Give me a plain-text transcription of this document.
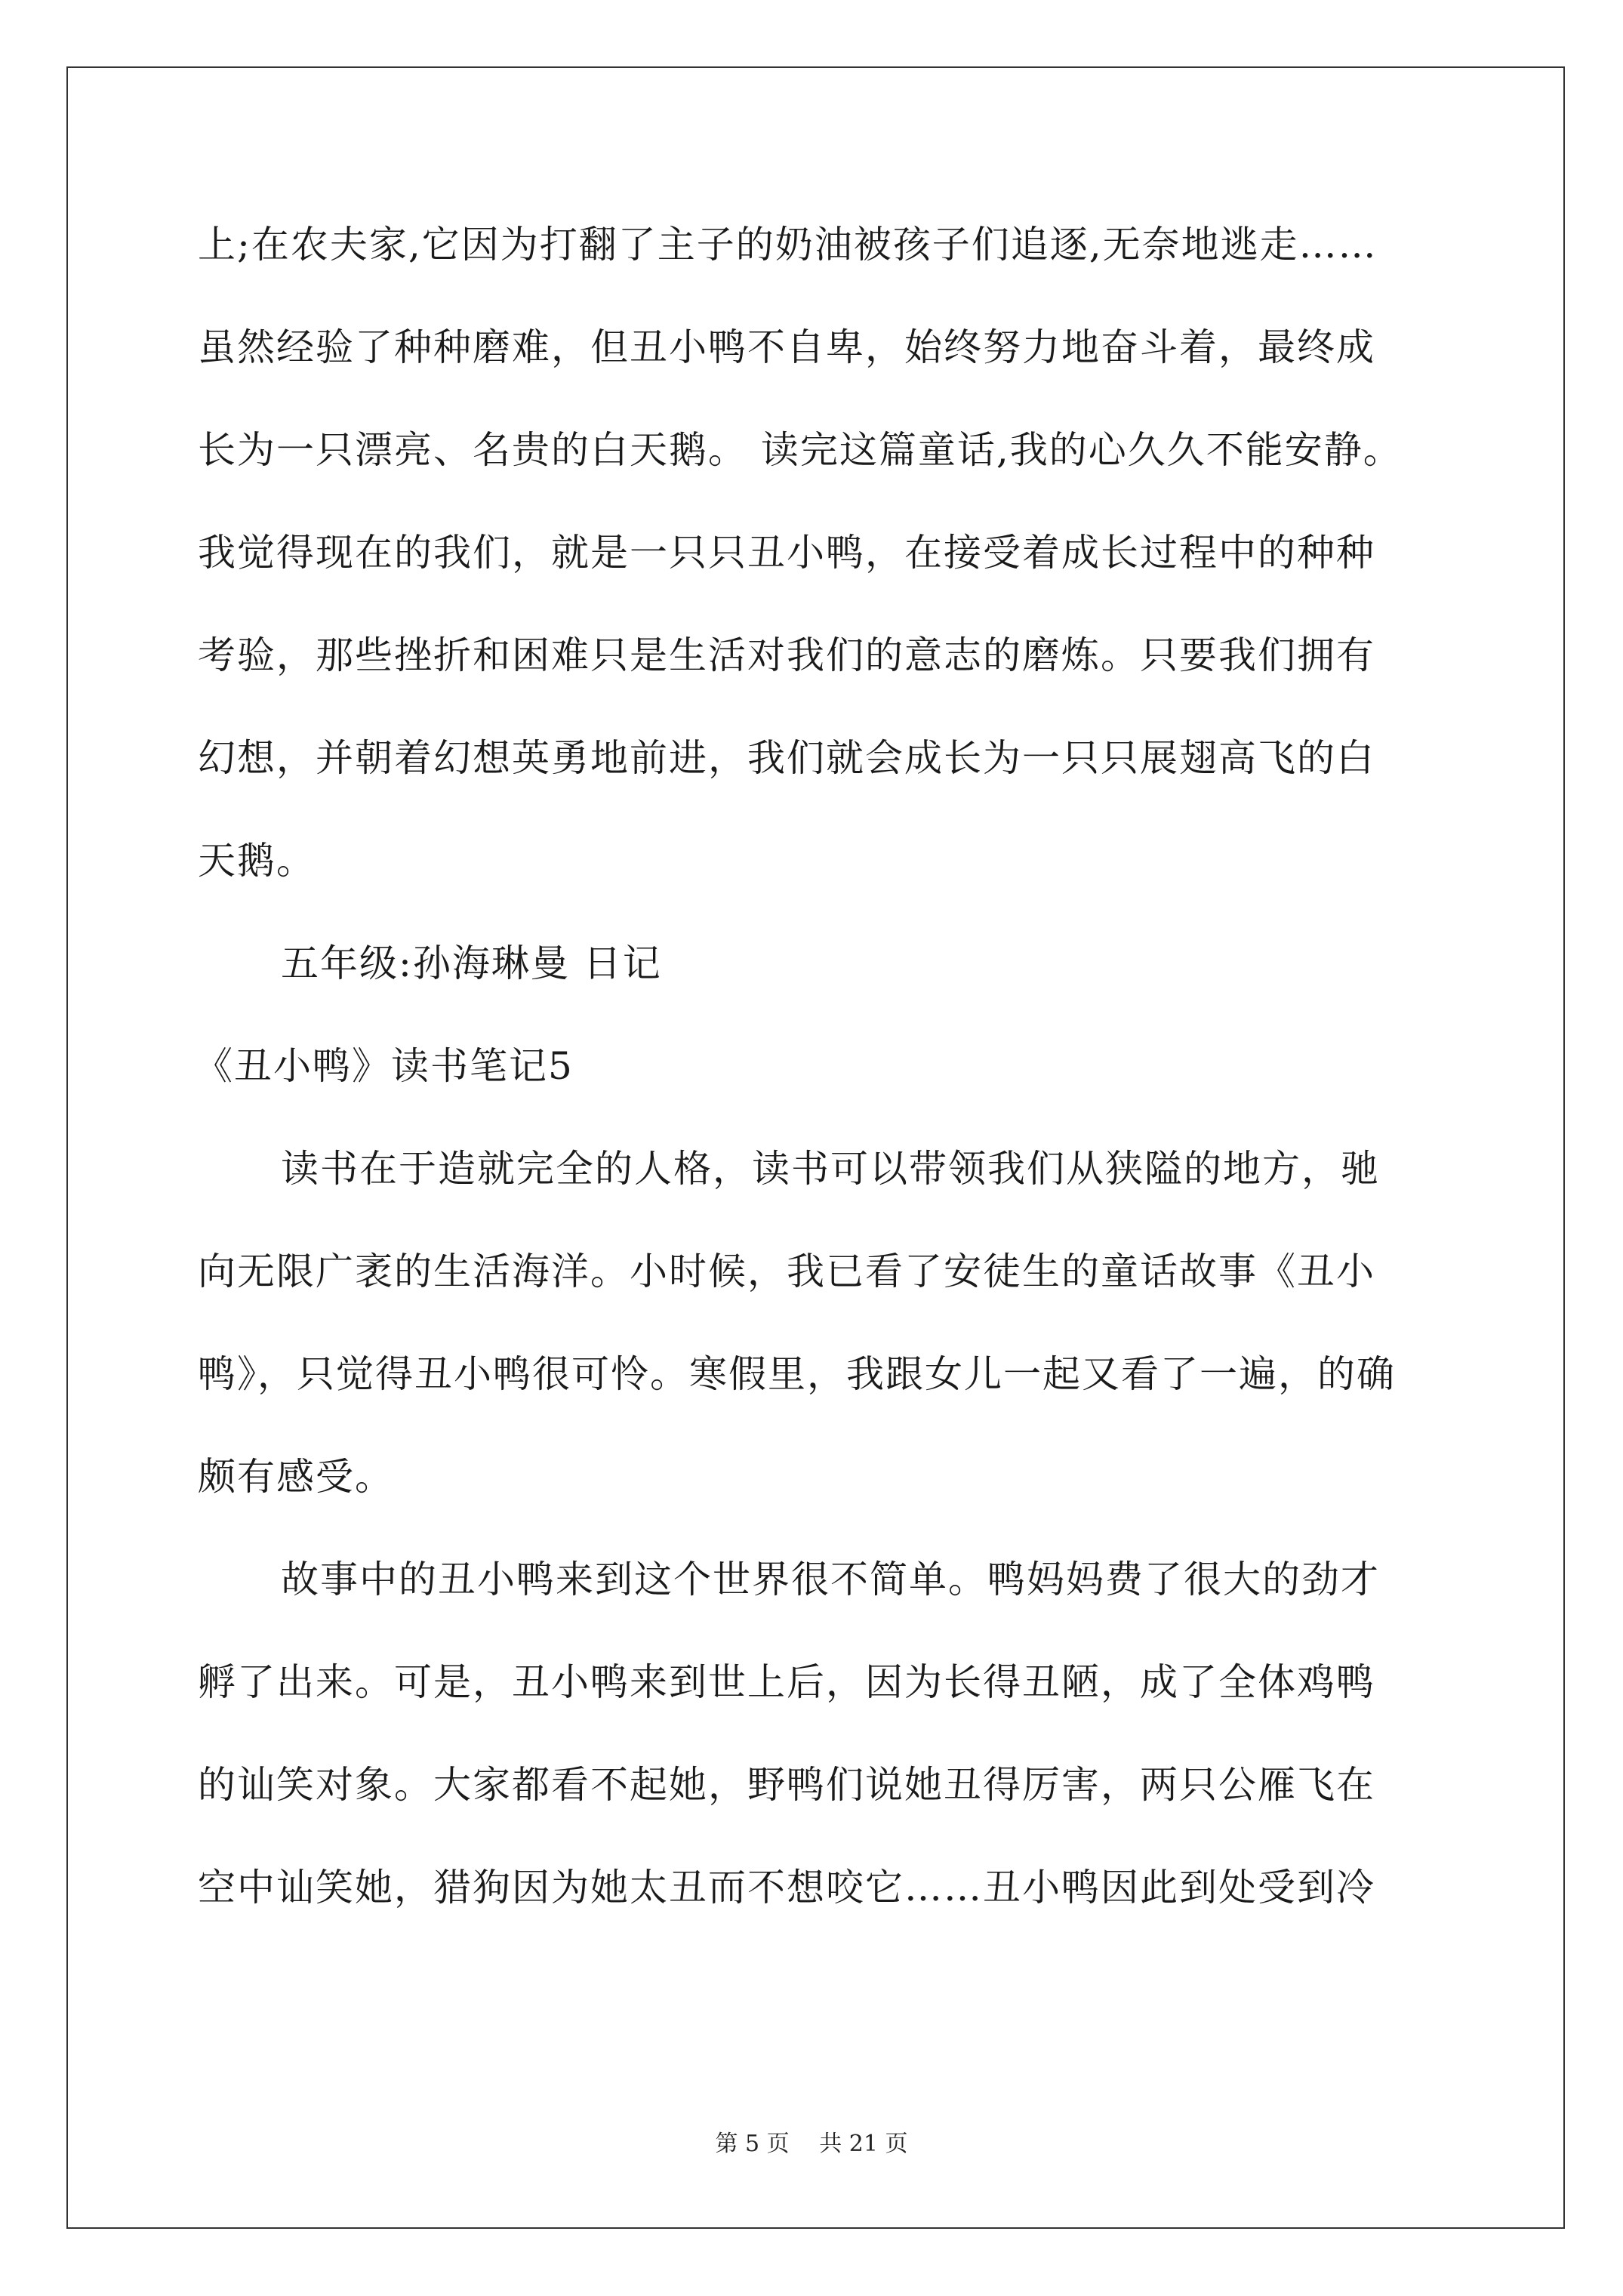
上;在农夫家,它因为打翻了主子的奶油被孩子们追逐,无奈地逃走……
虽然经验了种种磨难，但丑小鸭不自卑，始终努力地奋斗着，最终成
长为一只漂亮、名贵的白天鹅。 读完这篇童话,我的心久久不能安静。
我觉得现在的我们，就是一只只丑小鸭，在接受着成长过程中的种种
考验，那些挫折和困难只是生活对我们的意志的磨炼。只要我们拥有
幻想，并朝着幻想英勇地前进，我们就会成长为一只只展翅高飞的白
天鹅。
五年级:孙海琳曼 日记
《丑小鸭》读书笔记5
读书在于造就完全的人格，读书可以带领我们从狭隘的地方，驰
向无限广袤的生活海洋。小时候，我已看了安徒生的童话故事《丑小
鸭》，只觉得丑小鸭很可怜。寒假里，我跟女儿一起又看了一遍，的确
颇有感受。
故事中的丑小鸭来到这个世界很不简单。鸭妈妈费了很大的劲才
孵了出来。可是，丑小鸭来到世上后，因为长得丑陋，成了全体鸡鸭
的讪笑对象。大家都看不起她，野鸭们说她丑得厉害，两只公雁飞在
空中讪笑她，猎狗因为她太丑而不想咬它……丑小鸭因此到处受到冷
第 5 页　 共 21 页
